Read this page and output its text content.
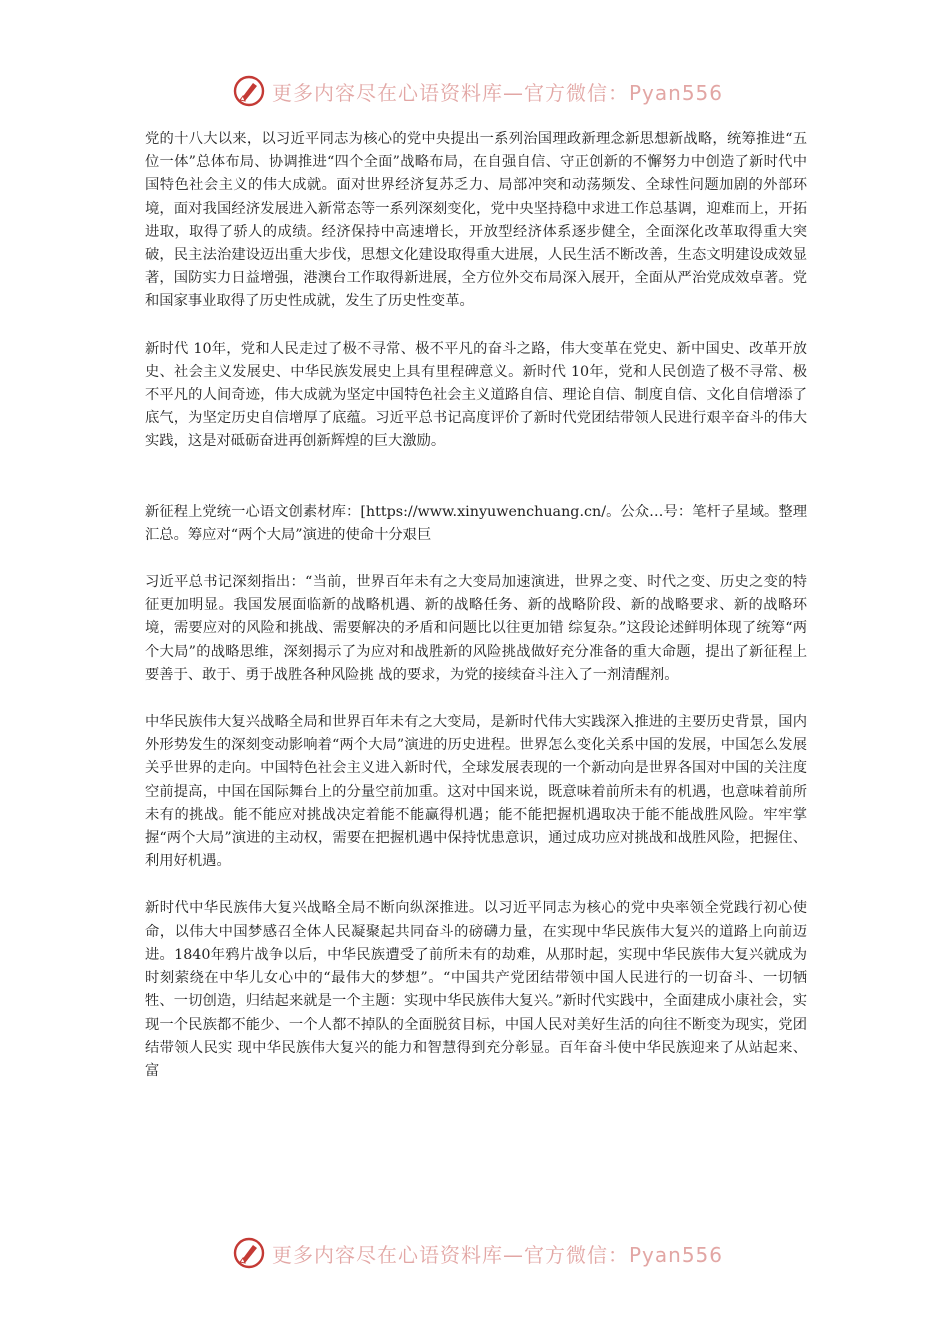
更多内容尽在心语资料库—官方微信：Pyan556

党的十八大以来，以习近平同志为核心的党中央提出一系列治国理政新理念新思想新战略，统筹推进“五位一体”总体布局、协调推进“四个全面”战略布局，在自强自信、守正创新的不懈努力中创造了新时代中国特色社会主义的伟大成就。面对世界经济复苏乏力、局部冲突和动荡频发、全球性问题加剧的外部环境，面对我国经济发展进入新常态等一系列深刻变化，党中央坚持稳中求进工作总基调，迎难而上，开拓进取，取得了骄人的成绩。经济保持中高速增长，开放型经济体系逐步健全，全面深化改革取得重大突破，民主法治建设迈出重大步伐，思想文化建设取得重大进展，人民生活不断改善，生态文明建设成效显著，国防实力日益增强，港澳台工作取得新进展，全方位外交布局深入展开，全面从严治党成效卓著。党和国家事业取得了历史性成就，发生了历史性变革。

新时代 10年，党和人民走过了极不寻常、极不平凡的奋斗之路，伟大变革在党史、新中国史、改革开放史、社会主义发展史、中华民族发展史上具有里程碑意义。新时代 10年，党和人民创造了极不寻常、极不平凡的人间奇迹，伟大成就为坚定中国特色社会主义道路自信、理论自信、制度自信、文化自信增添了底气，为坚定历史自信增厚了底蕴。习近平总书记高度评价了新时代党团结带领人民进行艰辛奋斗的伟大实践，这是对砥砺奋进再创新辉煌的巨大激励。

新征程上党统一心语文创素材库：[https://www.xinyuwenchuang.cn/。公众…号：笔杆子星域。整理汇总。筹应对“两个大局”演进的使命十分艰巨

习近平总书记深刻指出：“当前，世界百年未有之大变局加速演进，世界之变、时代之变、历史之变的特征更加明显。我国发展面临新的战略机遇、新的战略任务、新的战略阶段、新的战略要求、新的战略环境，需要应对的风险和挑战、需要解决的矛盾和问题比以往更加错 综复杂。”这段论述鲜明体现了统筹“两个大局”的战略思维，深刻揭示了为应对和战胜新的风险挑战做好充分准备的重大命题，提出了新征程上要善于、敢于、勇于战胜各种风险挑 战的要求，为党的接续奋斗注入了一剂清醒剂。

中华民族伟大复兴战略全局和世界百年未有之大变局，是新时代伟大实践深入推进的主要历史背景，国内外形势发生的深刻变动影响着“两个大局”演进的历史进程。世界怎么变化关系中国的发展，中国怎么发展关乎世界的走向。中国特色社会主义进入新时代，全球发展表现的一个新动向是世界各国对中国的关注度空前提高，中国在国际舞台上的分量空前加重。这对中国来说，既意味着前所未有的机遇，也意味着前所未有的挑战。能不能应对挑战决定着能不能赢得机遇；能不能把握机遇取决于能不能战胜风险。牢牢掌握“两个大局”演进的主动权，需要在把握机遇中保持忧患意识，通过成功应对挑战和战胜风险，把握住、利用好机遇。

新时代中华民族伟大复兴战略全局不断向纵深推进。以习近平同志为核心的党中央率领全党践行初心使命，以伟大中国梦感召全体人民凝聚起共同奋斗的磅礴力量，在实现中华民族伟大复兴的道路上向前迈进。1840年鸦片战争以后，中华民族遭受了前所未有的劫难，从那时起，实现中华民族伟大复兴就成为时刻萦绕在中华儿女心中的“最伟大的梦想”。“中国共产党团结带领中国人民进行的一切奋斗、一切牺牲、一切创造，归结起来就是一个主题：实现中华民族伟大复兴。”新时代实践中，全面建成小康社会，实现一个民族都不能少、一个人都不掉队的全面脱贫目标，中国人民对美好生活的向往不断变为现实，党团结带领人民实 现中华民族伟大复兴的能力和智慧得到充分彰显。百年奋斗使中华民族迎来了从站起来、富

更多内容尽在心语资料库—官方微信：Pyan556
